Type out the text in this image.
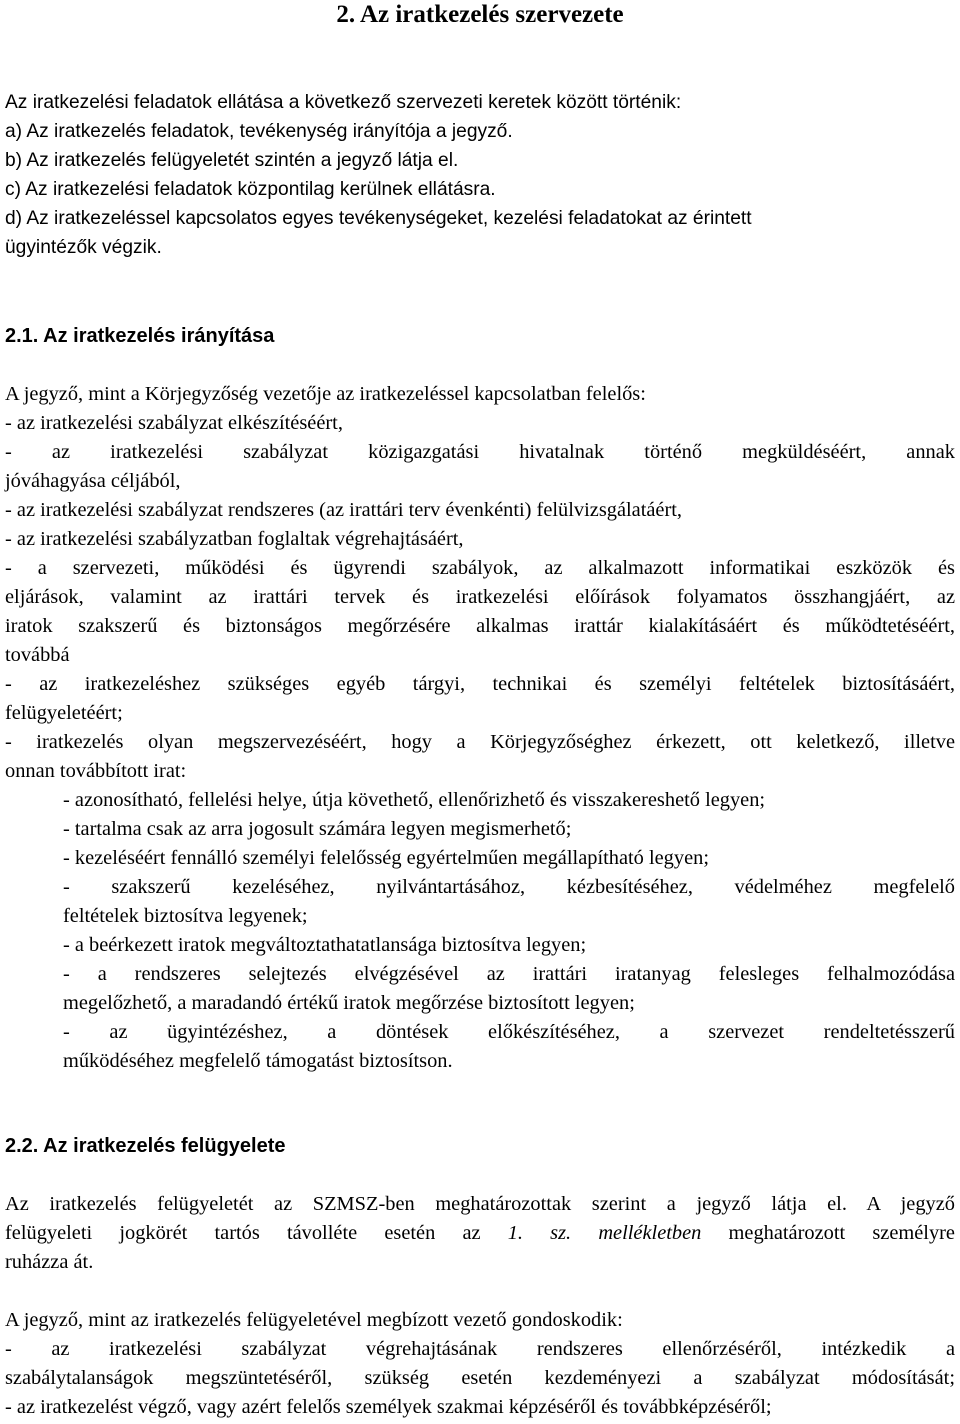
2. Az iratkezelés szervezete
Az iratkezelési feladatok ellátása a következő szervezeti keretek között történik:
a) Az iratkezelés feladatok, tevékenység irányítója a jegyző.
b) Az iratkezelés felügyeletét szintén a jegyző látja el.
c) Az iratkezelési feladatok központilag kerülnek ellátásra.
d) Az iratkezeléssel kapcsolatos egyes tevékenységeket, kezelési feladatokat az érintett
ügyintézők végzik.
2.1. Az iratkezelés irányítása
A jegyző, mint a Körjegyzőség vezetője az iratkezeléssel kapcsolatban felelős:
- az iratkezelési szabályzat elkészítéséért,
- az iratkezelési szabályzat közigazgatási hivatalnak történő megküldéséért, annak
jóváhagyása céljából,
- az iratkezelési szabályzat rendszeres (az irattári terv évenkénti) felülvizsgálatáért,
- az iratkezelési szabályzatban foglaltak végrehajtásáért,
- a szervezeti, működési és ügyrendi szabályok, az alkalmazott informatikai eszközök és
eljárások, valamint az irattári tervek és iratkezelési előírások folyamatos összhangjáért, az
iratok szakszerű és biztonságos megőrzésére alkalmas irattár kialakításáért és működtetéséért,
továbbá
- az iratkezeléshez szükséges egyéb tárgyi, technikai és személyi feltételek biztosításáért,
felügyeletéért;
- iratkezelés olyan megszervezéséért, hogy a Körjegyzőséghez érkezett, ott keletkező, illetve
onnan továbbított irat:
- azonosítható, fellelési helye, útja követhető, ellenőrizhető és visszakereshető legyen;
- tartalma csak az arra jogosult számára legyen megismerhető;
- kezeléséért fennálló személyi felelősség egyértelműen megállapítható legyen;
- szakszerű kezeléséhez, nyilvántartásához, kézbesítéséhez, védelméhez megfelelő
feltételek biztosítva legyenek;
- a beérkezett iratok megváltoztathatatlansága biztosítva legyen;
- a rendszeres selejtezés elvégzésével az irattári iratanyag felesleges felhalmozódása
megelőzhető, a maradandó értékű iratok megőrzése biztosított legyen;
- az ügyintézéshez, a döntések előkészítéséhez, a szervezet rendeltetésszerű
működéséhez megfelelő támogatást biztosítson.
2.2. Az iratkezelés felügyelete
Az iratkezelés felügyeletét az SZMSZ-ben meghatározottak szerint a jegyző látja el. A jegyző
felügyeleti jogkörét tartós távolléte esetén az 1. sz. mellékletben meghatározott személyre
ruházza át.
A jegyző, mint az iratkezelés felügyeletével megbízott vezető gondoskodik:
- az iratkezelési szabályzat végrehajtásának rendszeres ellenőrzéséről, intézkedik a
szabálytalanságok megszüntetéséről, szükség esetén kezdeményezi a szabályzat módosítását;
- az iratkezelést végző, vagy azért felelős személyek szakmai képzéséről és továbbképzéséről;
